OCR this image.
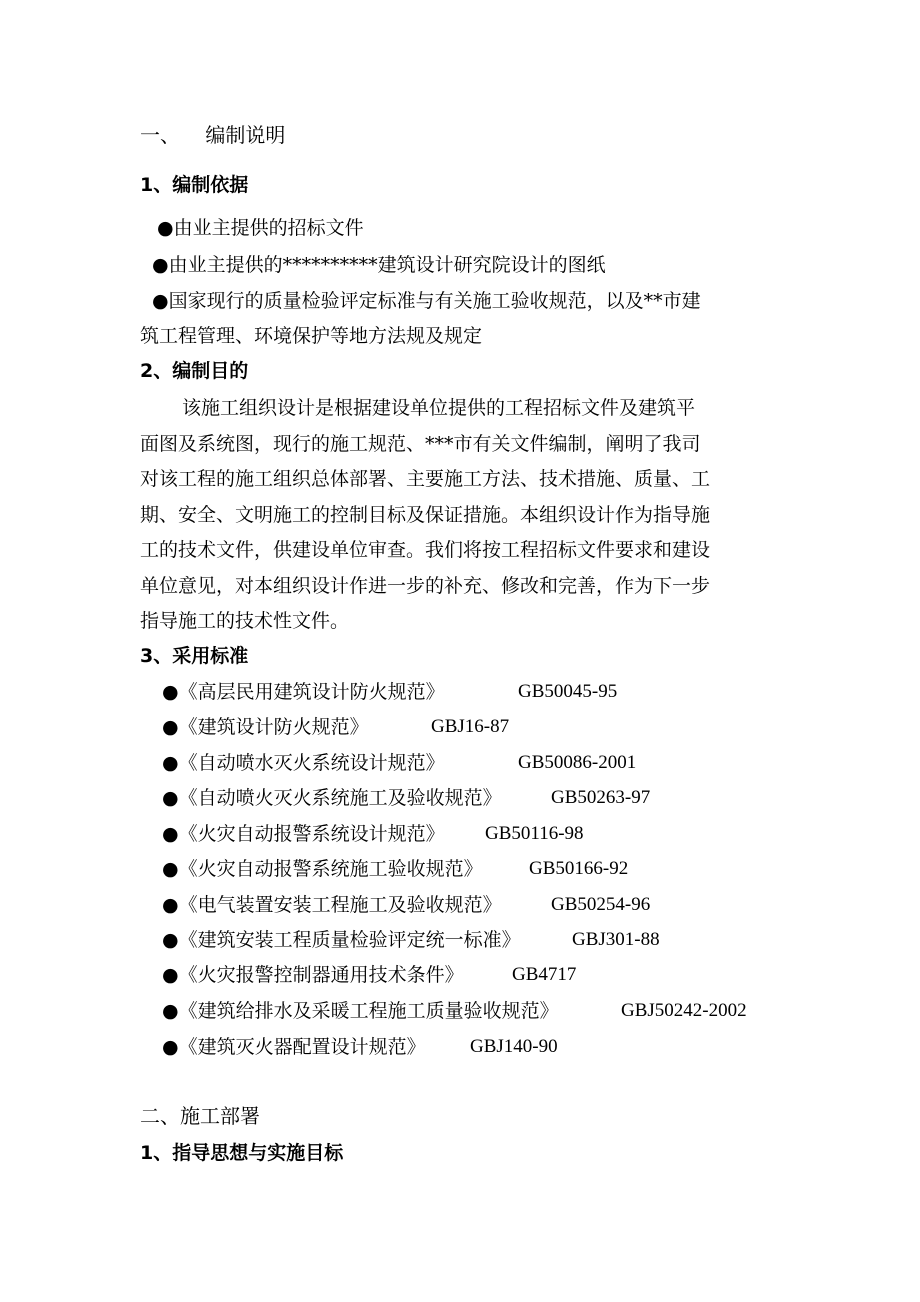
一、    编制说明
1、编制依据
●由业主提供的招标文件
●由业主提供的**********建筑设计研究院设计的图纸
●国家现行的质量检验评定标准与有关施工验收规范，以及**市建
筑工程管理、环境保护等地方法规及规定
2、编制目的
该施工组织设计是根据建设单位提供的工程招标文件及建筑平
面图及系统图，现行的施工规范、***市有关文件编制，阐明了我司
对该工程的施工组织总体部署、主要施工方法、技术措施、质量、工
期、安全、文明施工的控制目标及保证措施。本组织设计作为指导施
工的技术文件，供建设单位审查。我们将按工程招标文件要求和建设
单位意见，对本组织设计作进一步的补充、修改和完善，作为下一步
指导施工的技术性文件。
3、采用标准
●《高层民用建筑设计防火规范》	GB50045-95
●《建筑设计防火规范》	GBJ16-87
●《自动喷水灭火系统设计规范》	GB50086-2001
●《自动喷火灭火系统施工及验收规范》	GB50263-97
●《火灾自动报警系统设计规范》 GB50116-98
●《火灾自动报警系统施工验收规范》 GB50166-92
●《电气装置安装工程施工及验收规范》	GB50254-96
●《建筑安装工程质量检验评定统一标准》	GBJ301-88
●《火灾报警控制器通用技术条件》	GB4717
●《建筑给排水及采暖工程施工质量验收规范》	GBJ50242-2002
●《建筑灭火器配置设计规范》 GBJ140-90
二、施工部署
1、指导思想与实施目标
